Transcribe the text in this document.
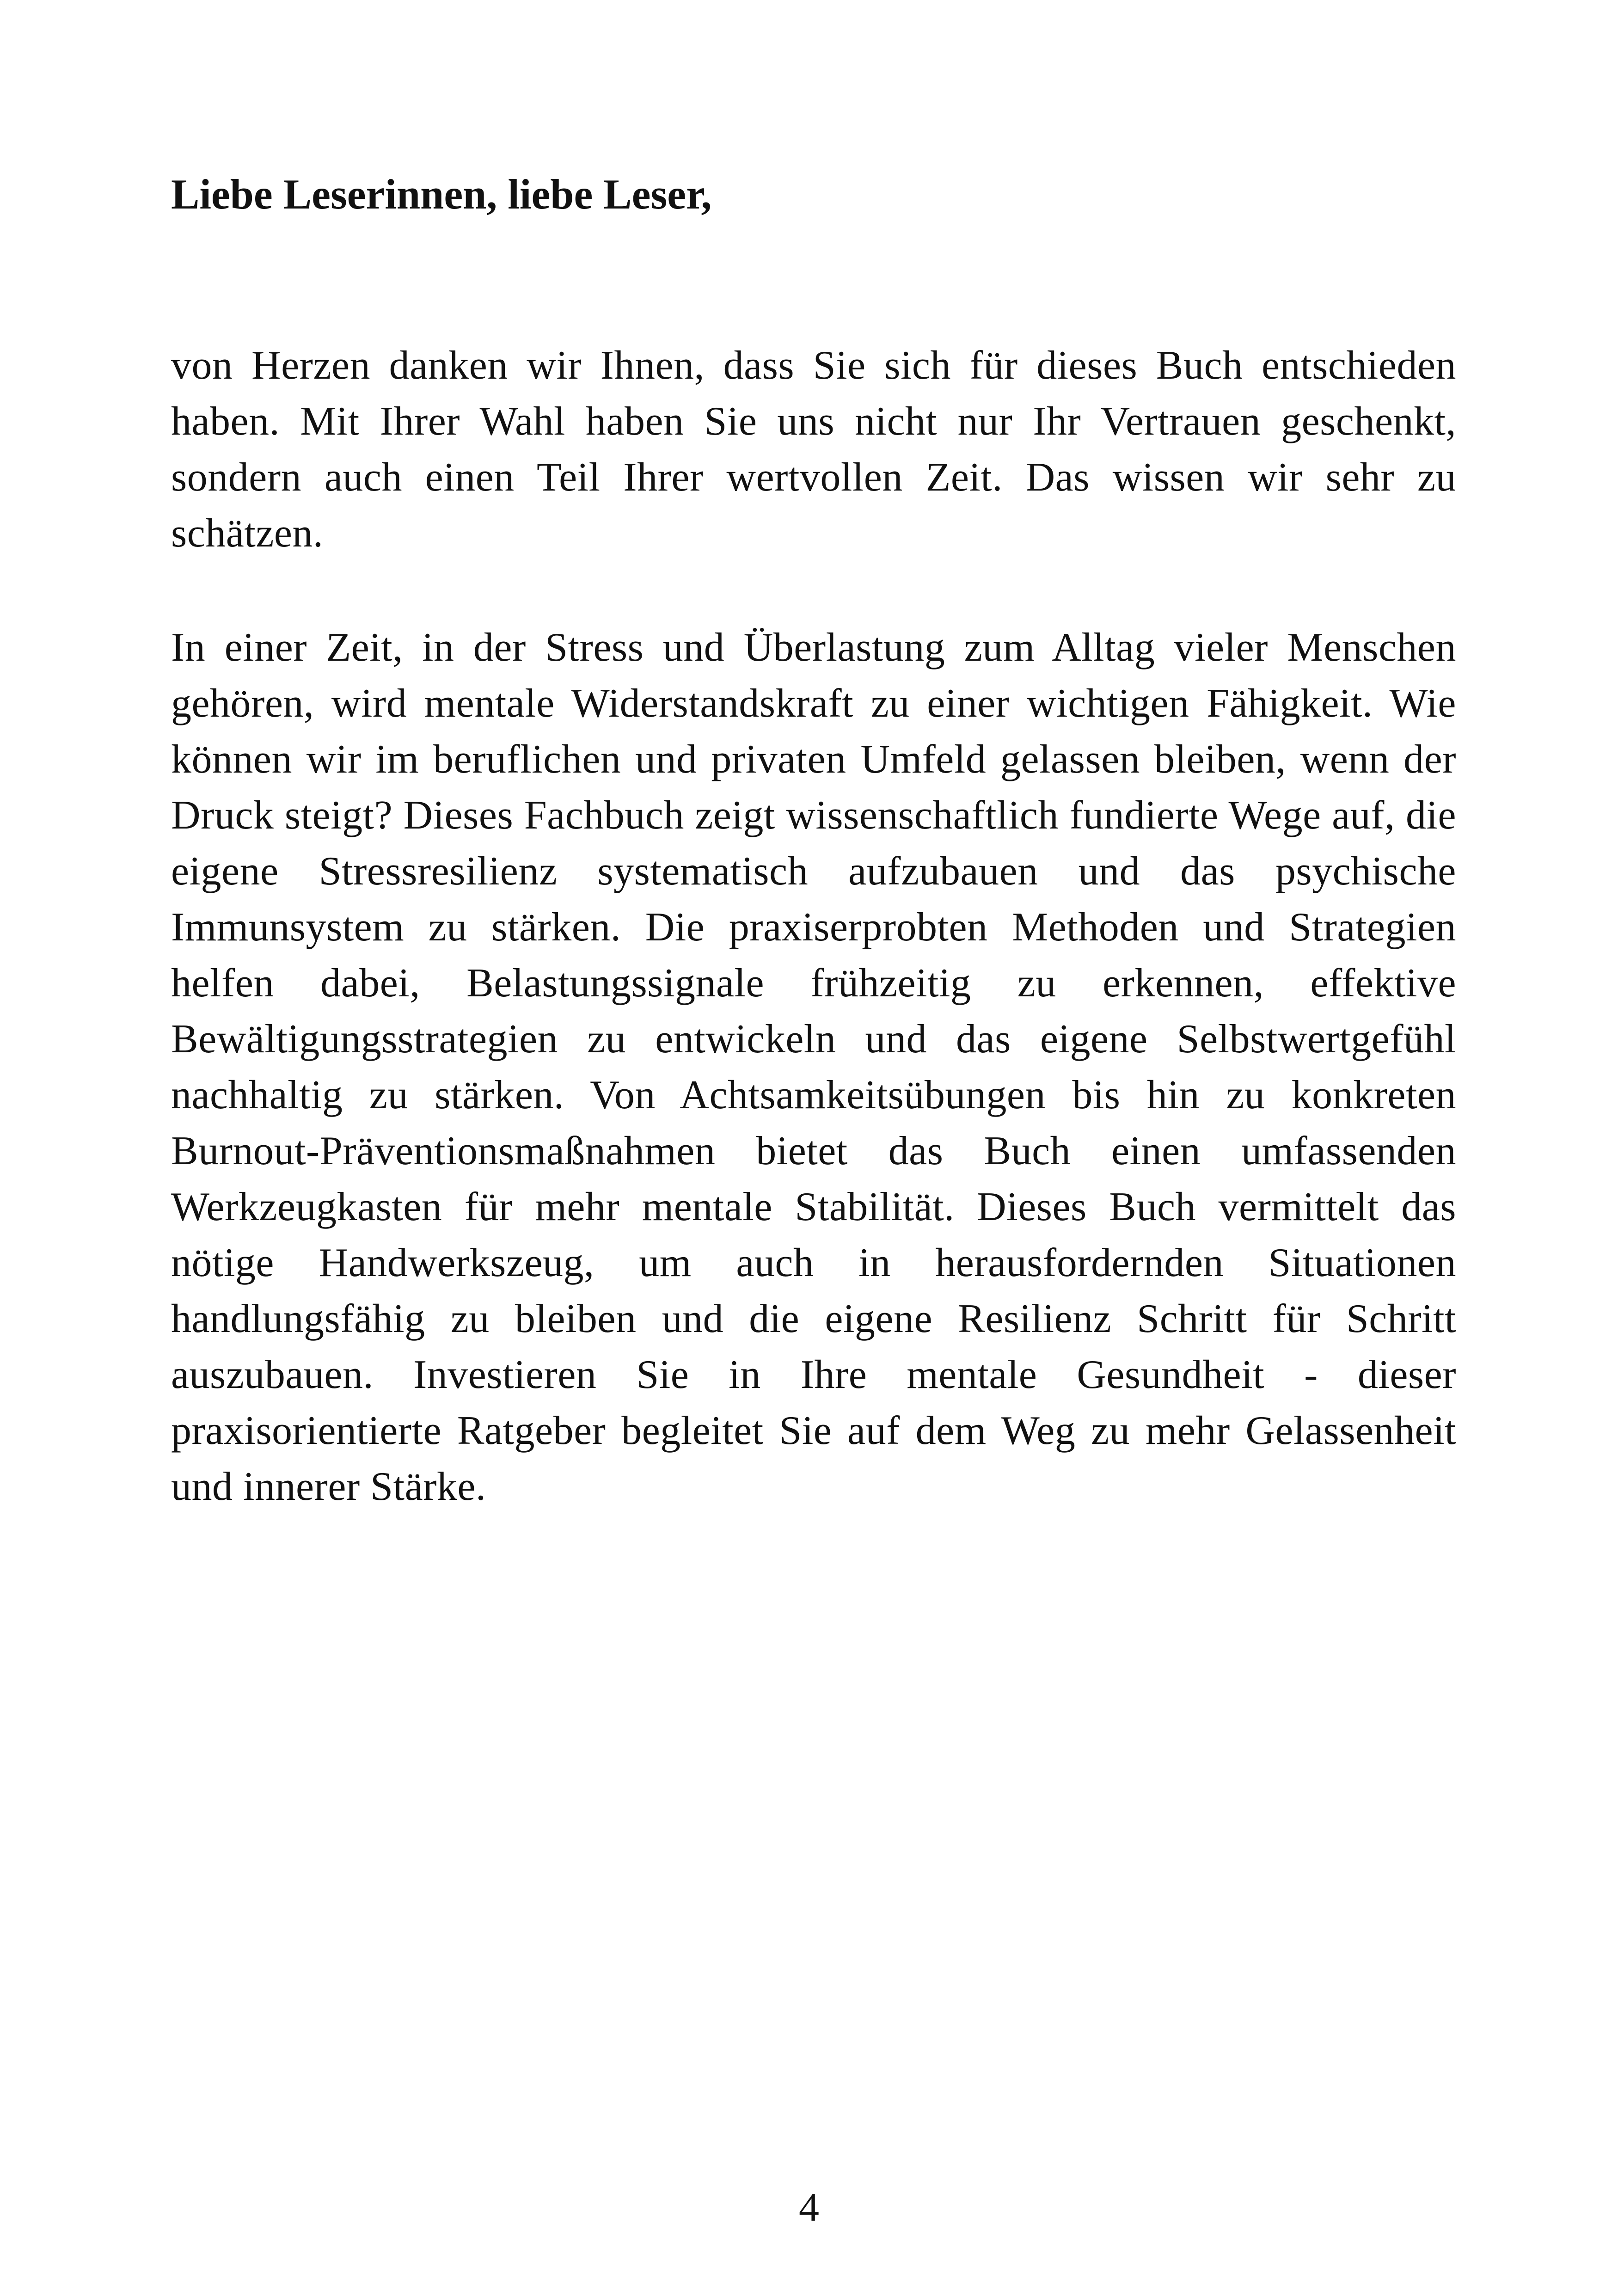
Liebe Leserinnen, liebe Leser,

von Herzen danken wir Ihnen, dass Sie sich für dieses Buch entschieden haben. Mit Ihrer Wahl haben Sie uns nicht nur Ihr Vertrauen geschenkt, sondern auch einen Teil Ihrer wertvollen Zeit. Das wissen wir sehr zu schätzen.

In einer Zeit, in der Stress und Überlastung zum Alltag vieler Menschen gehören, wird mentale Widerstandskraft zu einer wichtigen Fähigkeit. Wie können wir im beruflichen und privaten Umfeld gelassen bleiben, wenn der Druck steigt? Dieses Fachbuch zeigt wissenschaftlich fundierte Wege auf, die eigene Stressresilienz systematisch aufzubauen und das psychische Immunsystem zu stärken. Die praxiserprobten Methoden und Strategien helfen dabei, Belastungssignale frühzeitig zu erkennen, effektive Bewältigungsstrategien zu entwickeln und das eigene Selbstwertgefühl nachhaltig zu stärken. Von Achtsamkeitsübungen bis hin zu konkreten Burnout-Präventionsmaßnahmen bietet das Buch einen umfassenden Werkzeugkasten für mehr mentale Stabilität. Dieses Buch vermittelt das nötige Handwerkszeug, um auch in herausfordernden Situationen handlungsfähig zu bleiben und die eigene Resilienz Schritt für Schritt auszubauen. Investieren Sie in Ihre mentale Gesundheit - dieser praxisorientierte Ratgeber begleitet Sie auf dem Weg zu mehr Gelassenheit und innerer Stärke.

4
